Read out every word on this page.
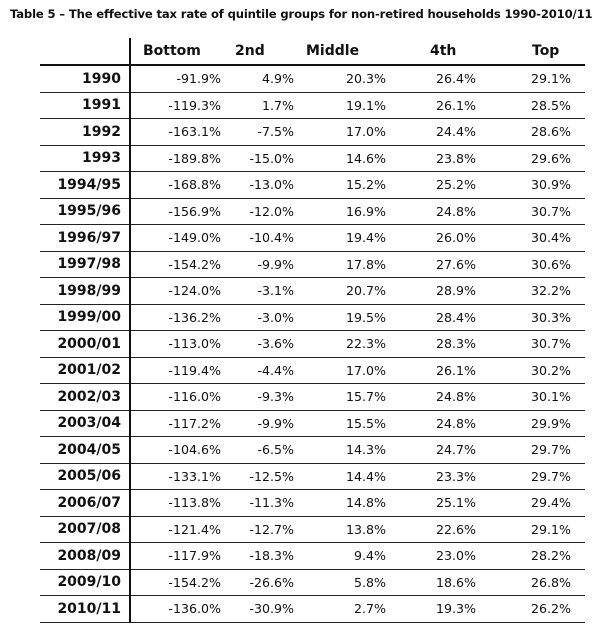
Table 5 – The effective tax rate of quintile groups for non-retired households 1990-2010/11
	Bottom	2nd	Middle	4th	Top
1990	-91.9%	4.9%	20.3%	26.4%	29.1%
1991	-119.3%	1.7%	19.1%	26.1%	28.5%
1992	-163.1%	-7.5%	17.0%	24.4%	28.6%
1993	-189.8%	-15.0%	14.6%	23.8%	29.6%
1994/95	-168.8%	-13.0%	15.2%	25.2%	30.9%
1995/96	-156.9%	-12.0%	16.9%	24.8%	30.7%
1996/97	-149.0%	-10.4%	19.4%	26.0%	30.4%
1997/98	-154.2%	-9.9%	17.8%	27.6%	30.6%
1998/99	-124.0%	-3.1%	20.7%	28.9%	32.2%
1999/00	-136.2%	-3.0%	19.5%	28.4%	30.3%
2000/01	-113.0%	-3.6%	22.3%	28.3%	30.7%
2001/02	-119.4%	-4.4%	17.0%	26.1%	30.2%
2002/03	-116.0%	-9.3%	15.7%	24.8%	30.1%
2003/04	-117.2%	-9.9%	15.5%	24.8%	29.9%
2004/05	-104.6%	-6.5%	14.3%	24.7%	29.7%
2005/06	-133.1%	-12.5%	14.4%	23.3%	29.7%
2006/07	-113.8%	-11.3%	14.8%	25.1%	29.4%
2007/08	-121.4%	-12.7%	13.8%	22.6%	29.1%
2008/09	-117.9%	-18.3%	9.4%	23.0%	28.2%
2009/10	-154.2%	-26.6%	5.8%	18.6%	26.8%
2010/11	-136.0%	-30.9%	2.7%	19.3%	26.2%
